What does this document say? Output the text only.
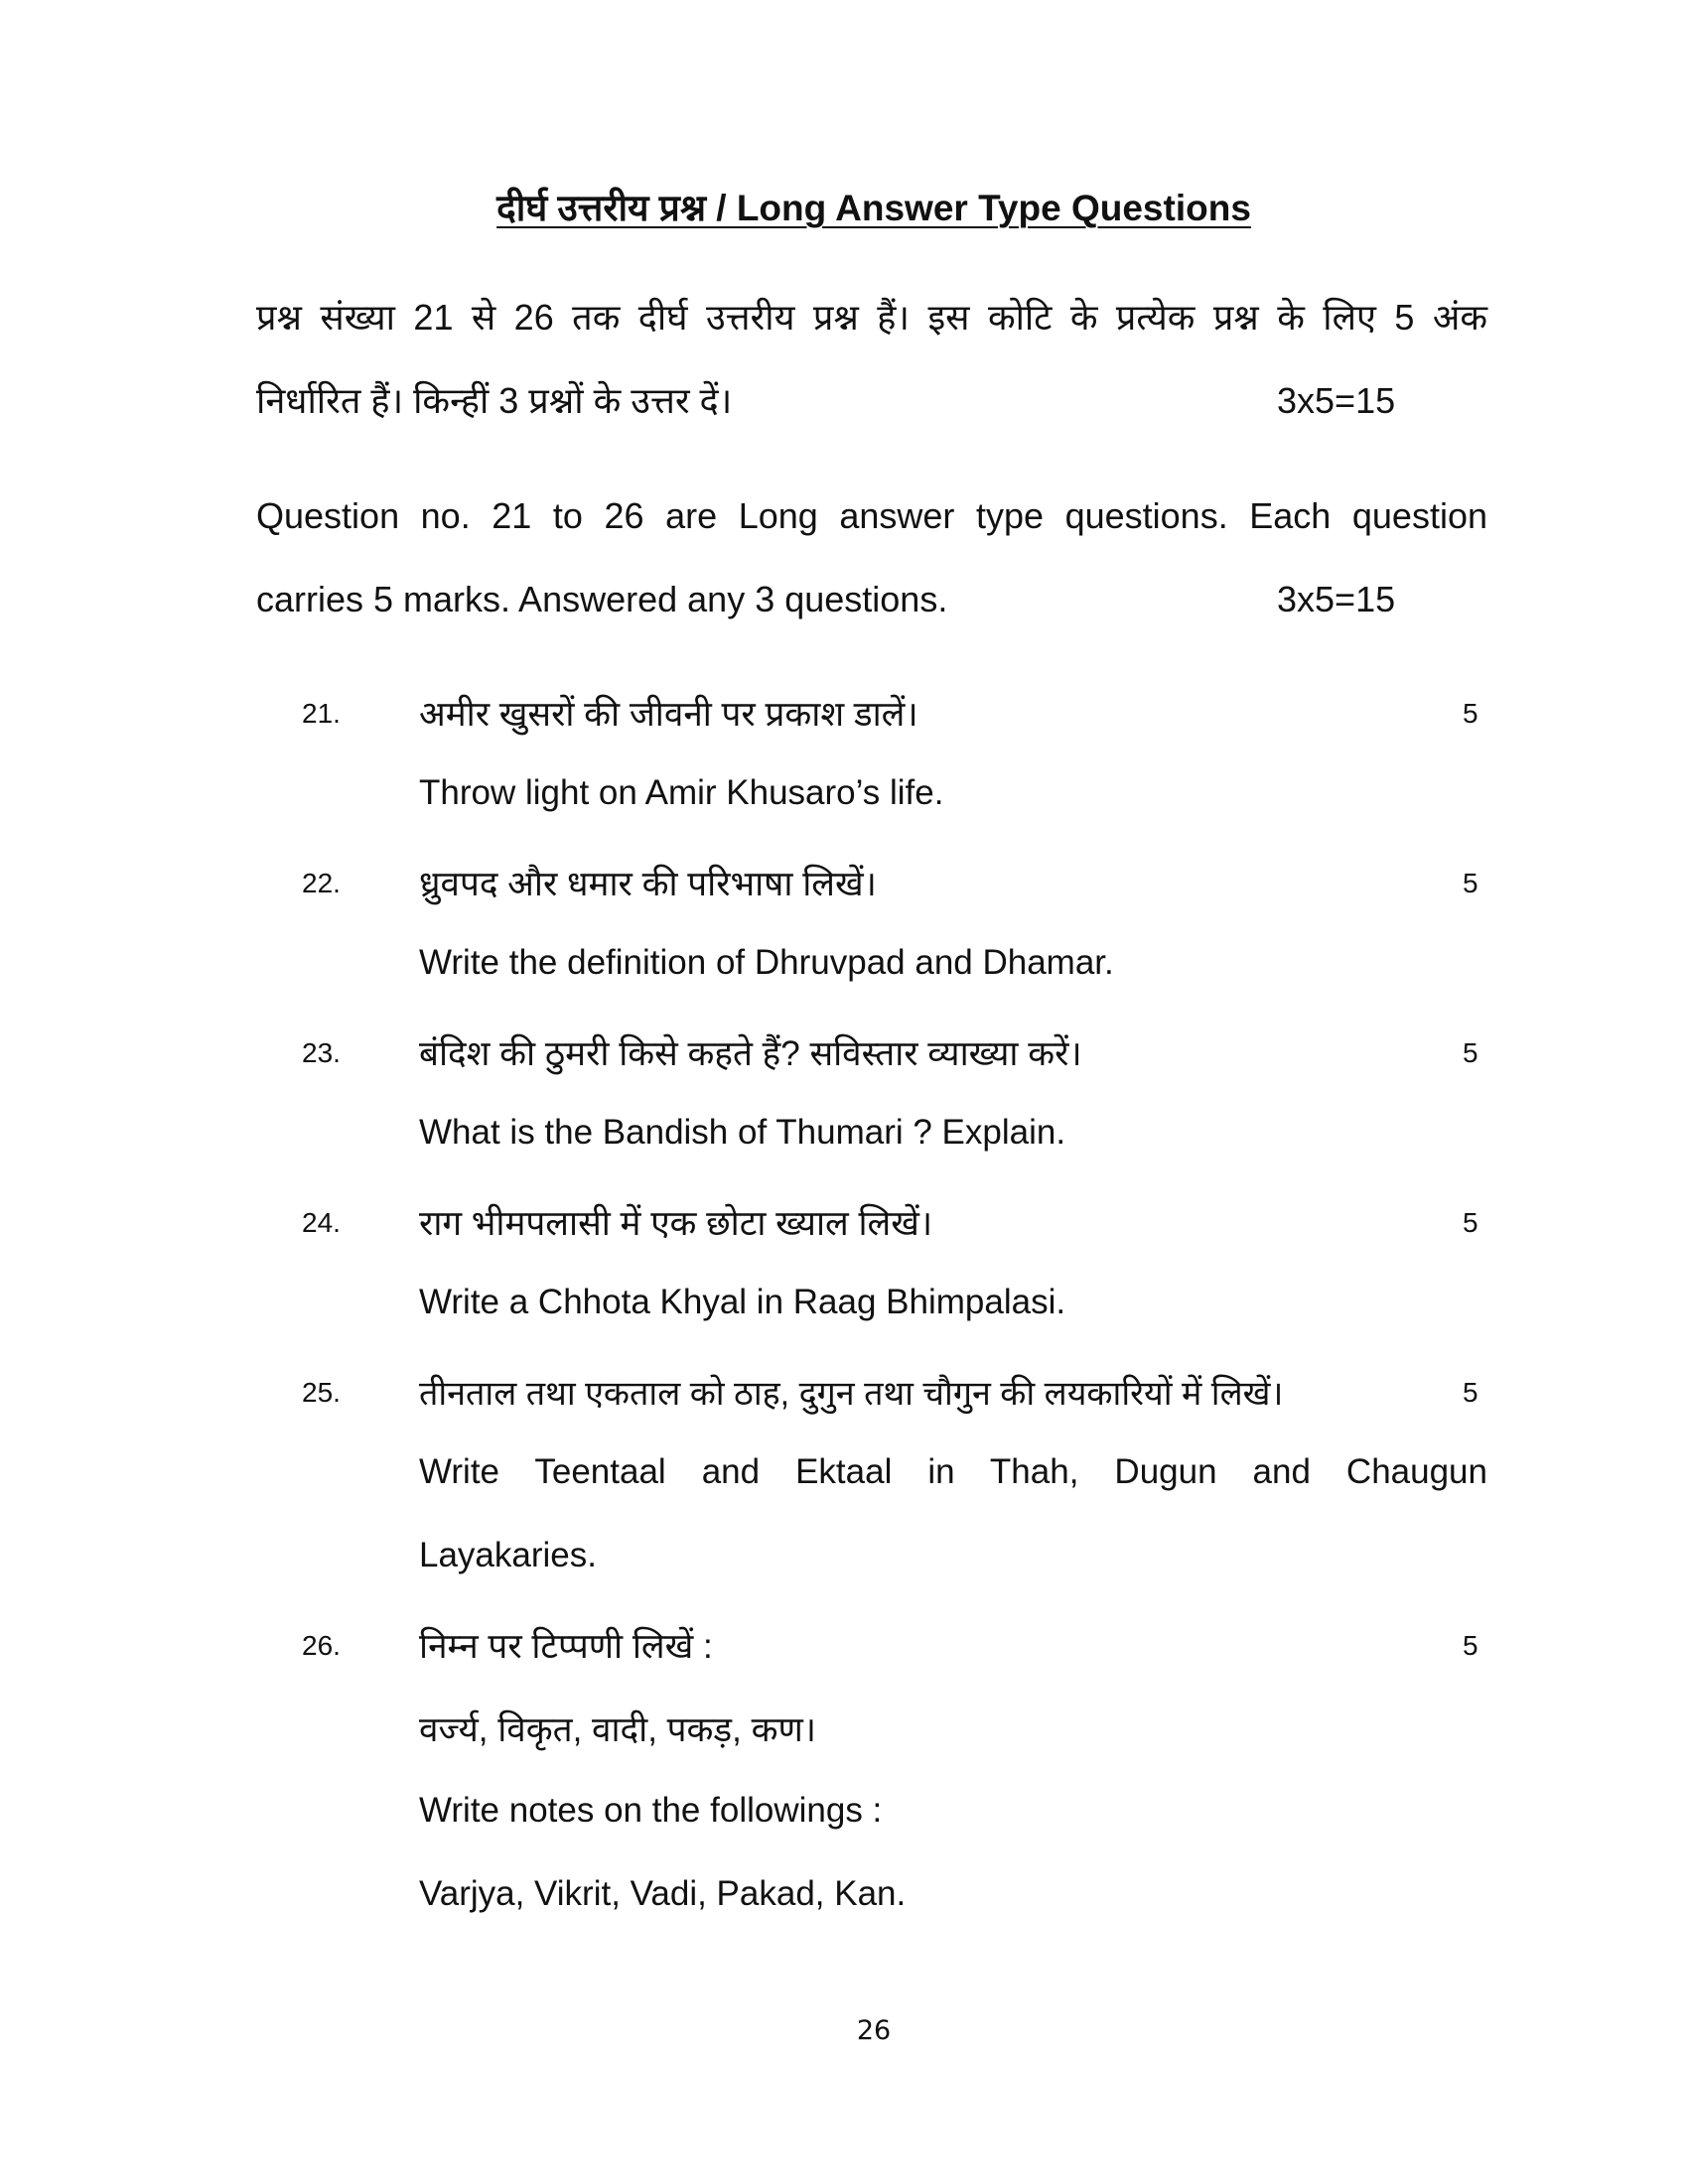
दीर्घ उत्तरीय प्रश्न / Long Answer Type Questions

प्रश्न संख्या 21 से 26 तक दीर्घ उत्तरीय प्रश्न हैं। इस कोटि के प्रत्येक प्रश्न के लिए 5 अंक

निर्धारित हैं। किन्हीं 3 प्रश्नों के उत्तर दें।	3x5=15

Question no. 21 to 26 are Long answer type questions. Each question

carries 5 marks. Answered any 3 questions.	3x5=15

21. अमीर खुसरों की जीवनी पर प्रकाश डालें।	5
Throw light on Amir Khusaro’s life.
22. ध्रुवपद और धमार की परिभाषा लिखें।	5
Write the definition of Dhruvpad and Dhamar.
23. बंदिश की ठुमरी किसे कहते हैं? सविस्तार व्याख्या करें।	5
What is the Bandish of Thumari ? Explain.
24. राग भीमपलासी में एक छोटा ख्याल लिखें।	5
Write a Chhota Khyal in Raag Bhimpalasi.
25. तीनताल तथा एकताल को ठाह, दुगुन तथा चौगुन की लयकारियों में लिखें।	5
Write Teentaal and Ektaal in Thah, Dugun and Chaugun
Layakaries.
26. निम्न पर टिप्पणी लिखें :	5
वर्ज्य, विकृत, वादी, पकड़, कण।
Write notes on the followings :
Varjya, Vikrit, Vadi, Pakad, Kan.
26
